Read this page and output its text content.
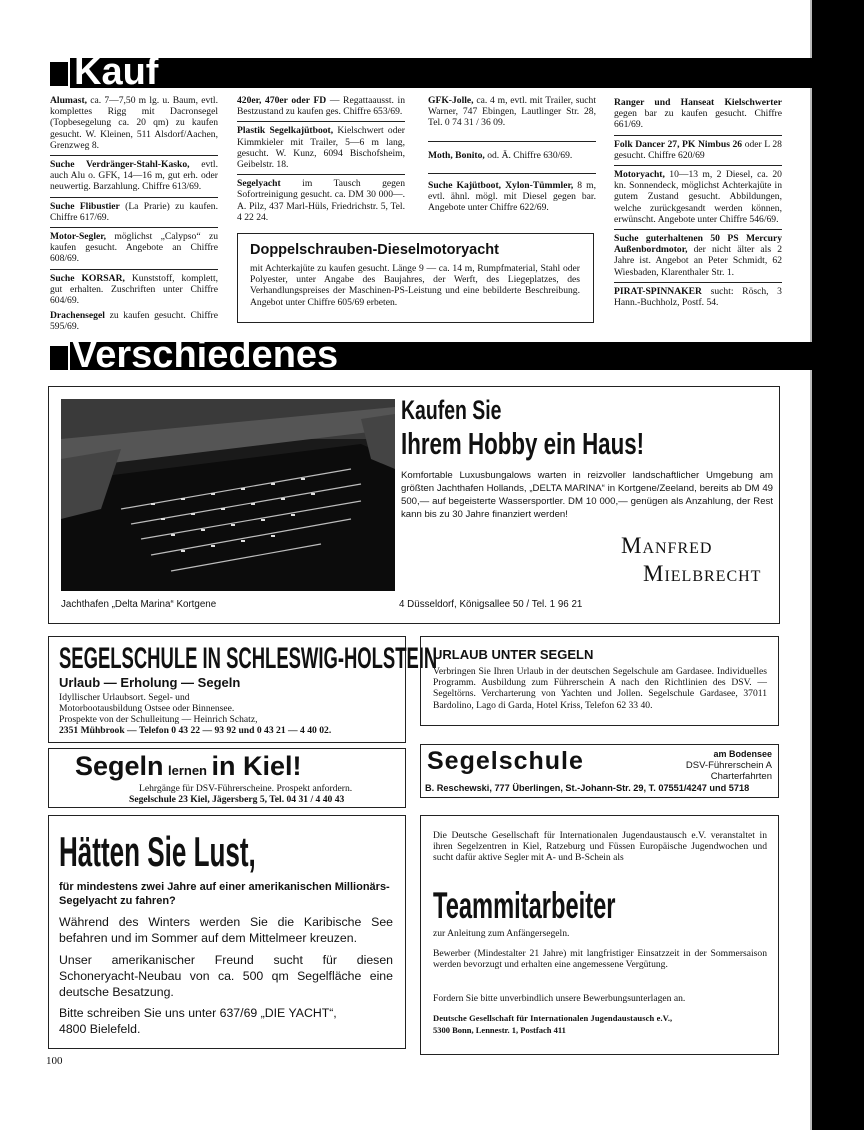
Kauf
Alumast, ca. 7—7,50 m lg. u. Baum, evtl. komplettes Rigg mit Dacronsegel (Topbesegelung ca. 20 qm) zu kaufen gesucht. W. Kleinen, 511 Alsdorf/Aachen, Grenzweg 8.
Suche Verdränger-Stahl-Kasko, evtl. auch Alu o. GFK, 14—16 m, gut erh. oder neuwertig. Barzahlung. Chiffre 613/69.
Suche Flibustier (La Prarie) zu kaufen. Chiffre 617/69.
Motor-Segler, möglichst „Calypso“ zu kaufen gesucht. Angebote an Chiffre 608/69.
Suche KORSAR, Kunststoff, komplett, gut erhalten. Zuschriften unter Chiffre 604/69.
Drachensegel zu kaufen gesucht. Chiffre 595/69.
420er, 470er oder FD — Regattaausst. in Bestzustand zu kaufen ges. Chiffre 653/69.
Plastik Segelkajütboot, Kielschwert oder Kimmkieler mit Trailer, 5—6 m lang, gesucht. W. Kunz, 6094 Bischofsheim, Geibelstr. 18.
Segelyacht im Tausch gegen Sofortreinigung gesucht. ca. DM 30 000—. A. Pilz, 437 Marl-Hüls, Friedrichstr. 5, Tel. 4 22 24.
GFK-Jolle, ca. 4 m, evtl. mit Trailer, sucht Warner, 747 Ebingen, Lautlinger Str. 28, Tel. 0 74 31 / 36 09.
Moth, Bonito, od. Ä. Chiffre 630/69.
Suche Kajütboot, Xylon-Tümmler, 8 m, evtl. ähnl. mögl. mit Diesel gegen bar. Angebote unter Chiffre 622/69.
Ranger und Hanseat Kielschwerter gegen bar zu kaufen gesucht. Chiffre 661/69.
Folk Dancer 27, PK Nimbus 26 oder L 28 gesucht. Chiffre 620/69
Motoryacht, 10—13 m, 2 Diesel, ca. 20 kn. Sonnendeck, möglichst Achterkajüte in gutem Zustand gesucht. Abbildungen, welche zurückgesandt werden können, erwünscht. Angebote unter Chiffre 546/69.
Suche guterhaltenen 50 PS Mercury Außenbordmotor, der nicht älter als 2 Jahre ist. Angebot an Peter Schmidt, 62 Wiesbaden, Klarenthaler Str. 1.
PIRAT-SPINNAKER sucht: Rösch, 3 Hann.-Buchholz, Postf. 54.
Doppelschrauben-Dieselmotoryacht
mit Achterkajüte zu kaufen gesucht. Länge 9 — ca. 14 m, Rumpfmaterial, Stahl oder Polyester, unter Angabe des Baujahres, der Werft, des Liegeplatzes, des Verhandlungspreises der Maschinen-PS-Leistung und eine bebilderte Beschreibung. Angebot unter Chiffre 605/69 erbeten.
Verschiedenes
Kaufen Sie
Ihrem Hobby ein Haus!
Komfortable Luxusbungalows warten in reizvoller landschaftlicher Umgebung am größten Jachthafen Hollands, „DELTA MARINA“ in Kortgene/Zeeland, bereits ab DM 49 500,— auf begeisterte Wassersportler. DM 10 000,— genügen als Anzahlung, der Rest kann bis zu 30 Jahre finanziert werden!
Manfred
Mielbrecht
Jachthafen „Delta Marina“ Kortgene	4 Düsseldorf, Königsallee 50 / Tel. 1 96 21
SEGELSCHULE IN SCHLESWIG-HOLSTEIN
Urlaub — Erholung — Segeln
Idyllischer Urlaubsort. Segel- und
Motorbootausbildung Ostsee oder Binnensee.
Prospekte von der Schulleitung — Heinrich Schatz,
2351 Mühbrook — Telefon 0 43 22 — 93 92 und 0 43 21 — 4 40 02.
URLAUB UNTER SEGELN
Verbringen Sie Ihren Urlaub in der deutschen Segelschule am Gardasee. Individuelles Programm. Ausbildung zum Führerschein A nach den Richtlinien des DSV. — Segeltörns. Vercharterung von Yachten und Jollen. Segelschule Gardasee, 37011 Bardolino, Lago di Garda, Hotel Kriss, Telefon 62 33 40.
Segeln lernen in Kiel!
Lehrgänge für DSV-Führerscheine. Prospekt anfordern.
Segelschule 23 Kiel, Jägersberg 5, Tel. 04 31 / 4 40 43
Segelschule	am Bodensee
DSV-Führerschein A
Charterfahrten
B. Reschewski, 777 Überlingen, St.-Johann-Str. 29, T. 07551/4247 und 5718
Hätten Sie Lust,
für mindestens zwei Jahre auf einer amerikanischen Millionärs-Segelyacht zu fahren?
Während des Winters werden Sie die Karibische See befahren und im Sommer auf dem Mittelmeer kreuzen.
Unser amerikanischer Freund sucht für diesen Schoneryacht-Neubau von ca. 500 qm Segelfläche eine deutsche Besatzung.
Bitte schreiben Sie uns unter 637/69 „DIE YACHT“,
4800 Bielefeld.
Die Deutsche Gesellschaft für Internationalen Jugendaustausch e.V. veranstaltet in ihren Segelzentren in Kiel, Ratzeburg und Füssen Europäische Jugendwochen und sucht dafür aktive Segler mit A- und B-Schein als
Teammitarbeiter
zur Anleitung zum Anfängersegeln.
Bewerber (Mindestalter 21 Jahre) mit langfristiger Einsatzzeit in der Sommersaison werden bevorzugt und erhalten eine angemessene Vergütung.
Fordern Sie bitte unverbindlich unsere Bewerbungsunterlagen an.
Deutsche Gesellschaft für Internationalen Jugendaustausch e.V.,
5300 Bonn, Lennestr. 1, Postfach 411
100
